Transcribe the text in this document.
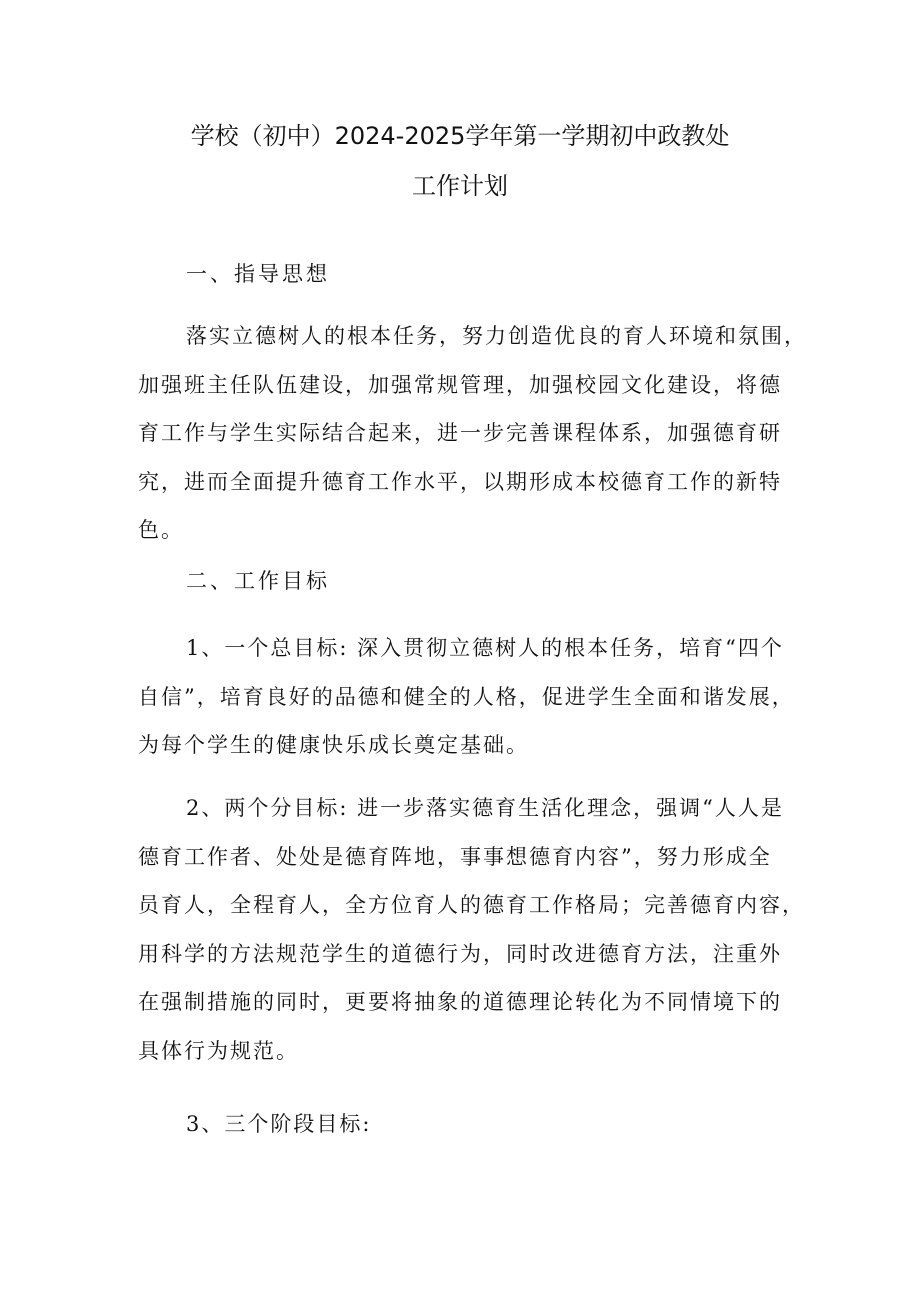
学校（初中）2024-2025学年第一学期初中政教处
工作计划
一、指导思想
落实立德树人的根本任务，努力创造优良的育人环境和氛围，
加强班主任队伍建设，加强常规管理，加强校园文化建设，将德
育工作与学生实际结合起来，进一步完善课程体系，加强德育研
究，进而全面提升德育工作水平，以期形成本校德育工作的新特
色。
二、工作目标
1、一个总目标: 深入贯彻立德树人的根本任务，培育“四个
自信”，培育良好的品德和健全的人格，促进学生全面和谐发展，
为每个学生的健康快乐成长奠定基础。
2、两个分目标: 进一步落实德育生活化理念，强调“人人是
德育工作者、处处是德育阵地，事事想德育内容”，努力形成全
员育人，全程育人，全方位育人的德育工作格局；完善德育内容，
用科学的方法规范学生的道德行为，同时改进德育方法，注重外
在强制措施的同时，更要将抽象的道德理论转化为不同情境下的
具体行为规范。
3、三个阶段目标:
